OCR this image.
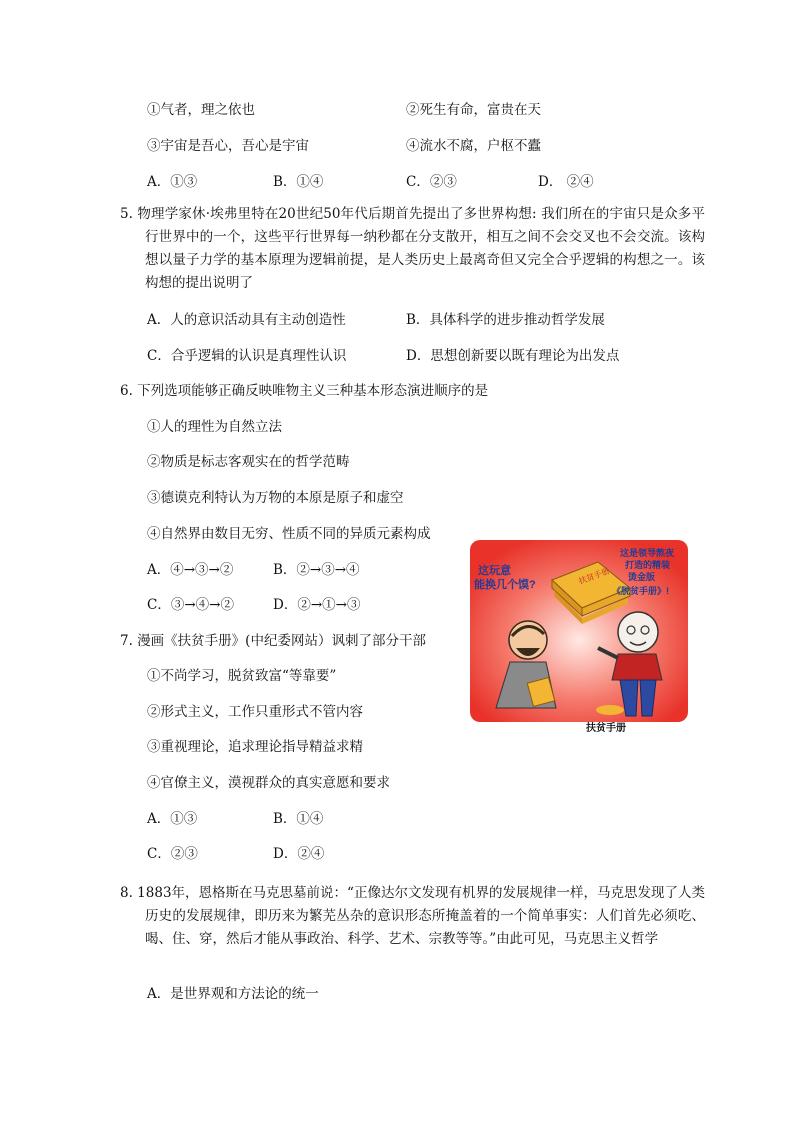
①气者，理之依也	②死生有命，富贵在天
③宇宙是吾心，吾心是宇宙	④流水不腐，户枢不蠹
A．①③	B．①④	C．②③	D． ②④
5. 物理学家休·埃弗里特在20世纪50年代后期首先提出了多世界构想: 我们所在的宇宙只是众多平行世界中的一个，这些平行世界每一纳秒都在分支散开，相互之间不会交叉也不会交流。该构想以量子力学的基本原理为逻辑前提，是人类历史上最离奇但又完全合乎逻辑的构想之一。该构想的提出说明了
A．人的意识活动具有主动创造性	B．具体科学的进步推动哲学发展
C．合乎逻辑的认识是真理性认识	D．思想创新要以既有理论为出发点
6. 下列选项能够正确反映唯物主义三种基本形态演进顺序的是
①人的理性为自然立法
②物质是标志客观实在的哲学范畴
③德谟克利特认为万物的本原是原子和虚空
④自然界由数目无穷、性质不同的异质元素构成
A．④→③→②	B．②→③→④
C．③→④→②	D．②→①→③
7. 漫画《扶贫手册》(中纪委网站）讽刺了部分干部
①不尚学习，脱贫致富“等靠要”
②形式主义，工作只重形式不管内容
③重视理论，追求理论指导精益求精
④官僚主义，漠视群众的真实意愿和要求
A．①③	B．①④
C．②③	D．②④
这玩意 能换几个馍?
这是领导熬夜 打造的精装 烫金版 《脱贫手册》!
扶贫手册
扶贫手册
8. 1883年，恩格斯在马克思墓前说：“正像达尔文发现有机界的发展规律一样，马克思发现了人类历史的发展规律，即历来为繁芜丛杂的意识形态所掩盖着的一个简单事实：人们首先必须吃、喝、住、穿，然后才能从事政治、科学、艺术、宗教等等。”由此可见，马克思主义哲学
A．是世界观和方法论的统一
